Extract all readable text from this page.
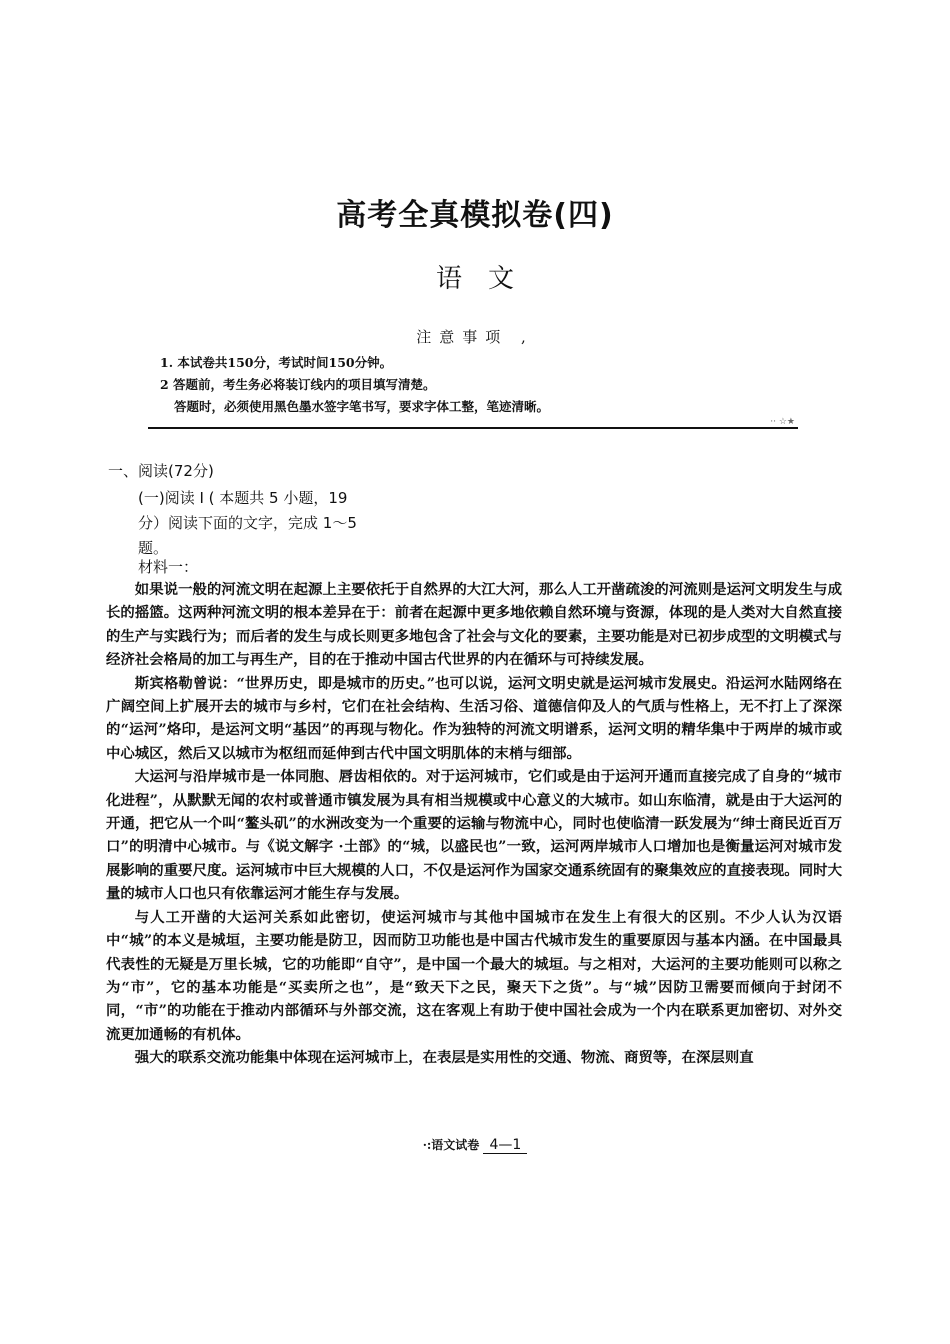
高考全真模拟卷(四)
语文
注意事项 ,
1. 本试卷共150分，考试时间150分钟。
2 答题前，考生务必将装订线内的项目填写清楚。
答题时，必须使用黑色墨水签字笔书写，要求字体工整，笔迹清晰。
·· ☆★
一、阅读(72分)
(一)阅读 I ( 本题共 5 小题，19
分）阅读下面的文字，完成 1～5
题。
材料一：

如果说一般的河流文明在起源上主要依托于自然界的大江大河，那么人工开凿疏浚的河流则是运河文明发生与成长的摇篮。这两种河流文明的根本差异在于：前者在起源中更多地依赖自然环境与资源，体现的是人类对大自然直接的生产与实践行为；而后者的发生与成长则更多地包含了社会与文化的要素，主要功能是对已初步成型的文明模式与经济社会格局的加工与再生产，目的在于推动中国古代世界的内在循环与可持续发展。

斯宾格勒曾说：“世界历史，即是城市的历史。”也可以说，运河文明史就是运河城市发展史。沿运河水陆网络在广阔空间上扩展开去的城市与乡村，它们在社会结构、生活习俗、道德信仰及人的气质与性格上，无不打上了深深的“运河”烙印，是运河文明“基因”的再现与物化。作为独特的河流文明谱系，运河文明的精华集中于两岸的城市或中心城区，然后又以城市为枢纽而延伸到古代中国文明肌体的末梢与细部。

大运河与沿岸城市是一体同胞、唇齿相依的。对于运河城市，它们或是由于运河开通而直接完成了自身的“城市化进程”，从默默无闻的农村或普通市镇发展为具有相当规模或中心意义的大城市。如山东临清，就是由于大运河的开通，把它从一个叫“鳌头矶”的水洲改变为一个重要的运输与物流中心，同时也使临清一跃发展为“绅士商民近百万口”的明清中心城市。与《说文解字 ·土部》的“城，以盛民也”一致，运河两岸城市人口增加也是衡量运河对城市发展影响的重要尺度。运河城市中巨大规模的人口，不仅是运河作为国家交通系统固有的聚集效应的直接表现。同时大量的城市人口也只有依靠运河才能生存与发展。

与人工开凿的大运河关系如此密切，使运河城市与其他中国城市在发生上有很大的区别。不少人认为汉语中“城”的本义是城垣，主要功能是防卫，因而防卫功能也是中国古代城市发生的重要原因与基本内涵。在中国最具代表性的无疑是万里长城，它的功能即“自守”，是中国一个最大的城垣。与之相对，大运河的主要功能则可以称之为“市”，它的基本功能是“买卖所之也”，是“致天下之民，聚天下之货”。与“城”因防卫需要而倾向于封闭不同，“市”的功能在于推动内部循环与外部交流，这在客观上有助于使中国社会成为一个内在联系更加密切、对外交流更加通畅的有机体。

强大的联系交流功能集中体现在运河城市上，在表层是实用性的交通、物流、商贸等，在深层则直

·:语文试卷 4—1
